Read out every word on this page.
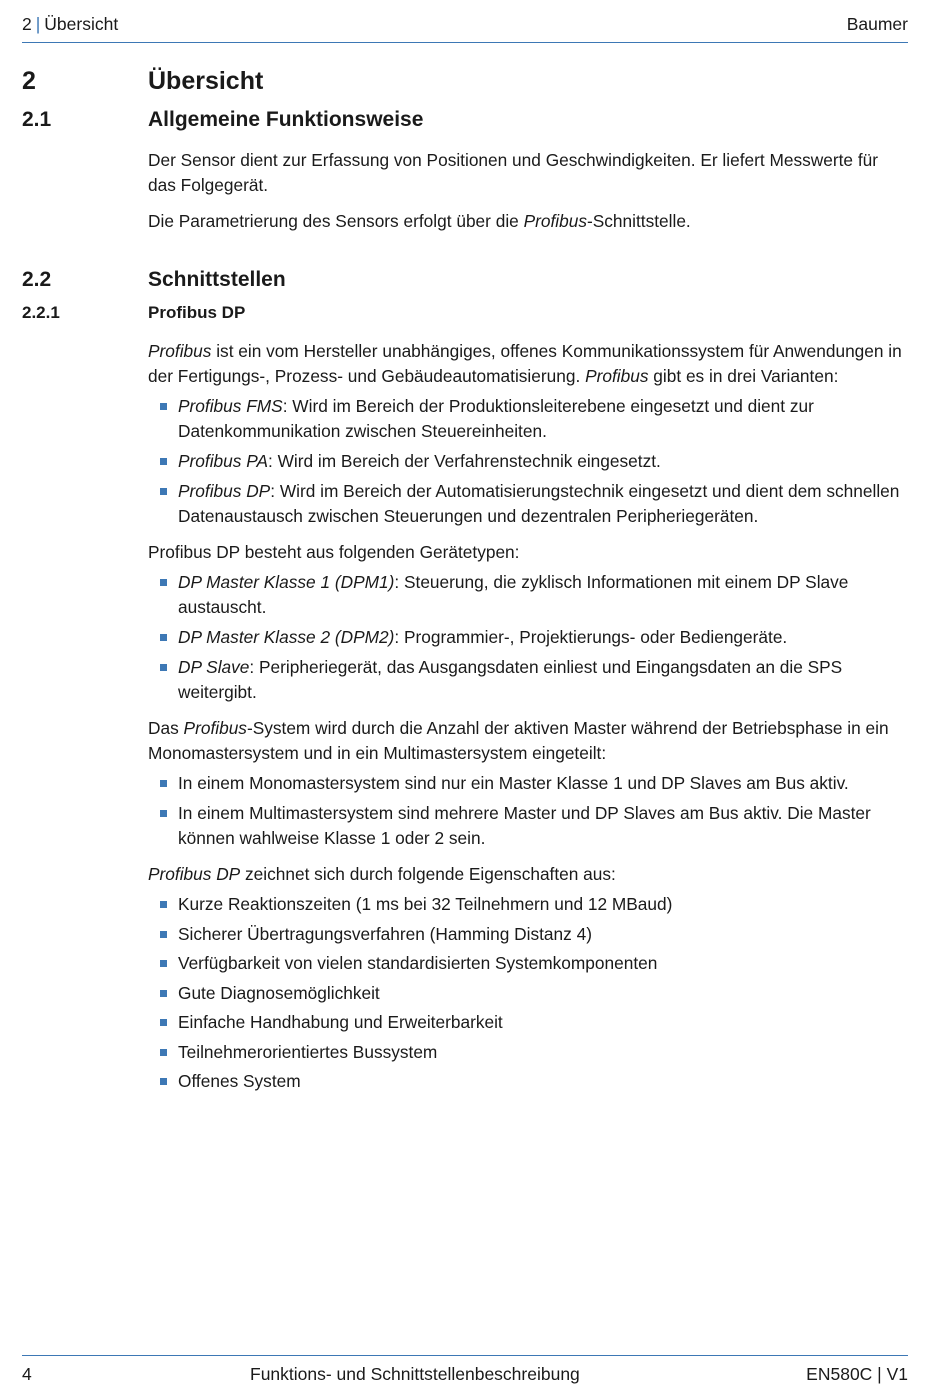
2 | Übersicht	Baumer
2	Übersicht
2.1	Allgemeine Funktionsweise

Der Sensor dient zur Erfassung von Positionen und Geschwindigkeiten. Er liefert Messwerte für das Folgegerät.

Die Parametrierung des Sensors erfolgt über die Profibus-Schnittstelle.

2.2	Schnittstellen
2.2.1	Profibus DP

Profibus ist ein vom Hersteller unabhängiges, offenes Kommunikationssystem für Anwendungen in der Fertigungs-, Prozess- und Gebäudeautomatisierung. Profibus gibt es in drei Varianten:

Profibus FMS: Wird im Bereich der Produktionsleiterebene eingesetzt und dient zur Datenkommunikation zwischen Steuereinheiten.
Profibus PA: Wird im Bereich der Verfahrenstechnik eingesetzt.
Profibus DP: Wird im Bereich der Automatisierungstechnik eingesetzt und dient dem schnellen Datenaustausch zwischen Steuerungen und dezentralen Peripheriegeräten.

Profibus DP besteht aus folgenden Gerätetypen:

DP Master Klasse 1 (DPM1): Steuerung, die zyklisch Informationen mit einem DP Slave austauscht.
DP Master Klasse 2 (DPM2): Programmier-, Projektierungs- oder Bediengeräte.
DP Slave: Peripheriegerät, das Ausgangsdaten einliest und Eingangsdaten an die SPS weitergibt.

Das Profibus-System wird durch die Anzahl der aktiven Master während der Betriebsphase in ein Monomastersystem und in ein Multimastersystem eingeteilt:

In einem Monomastersystem sind nur ein Master Klasse 1 und DP Slaves am Bus aktiv.
In einem Multimastersystem sind mehrere Master und DP Slaves am Bus aktiv. Die Master können wahlweise Klasse 1 oder 2 sein.

Profibus DP zeichnet sich durch folgende Eigenschaften aus:

Kurze Reaktionszeiten (1 ms bei 32 Teilnehmern und 12 MBaud)
Sicherer Übertragungsverfahren (Hamming Distanz 4)
Verfügbarkeit von vielen standardisierten Systemkomponenten
Gute Diagnosemöglichkeit
Einfache Handhabung und Erweiterbarkeit
Teilnehmerorientiertes Bussystem
Offenes System
4	Funktions- und Schnittstellenbeschreibung	EN580C | V1
